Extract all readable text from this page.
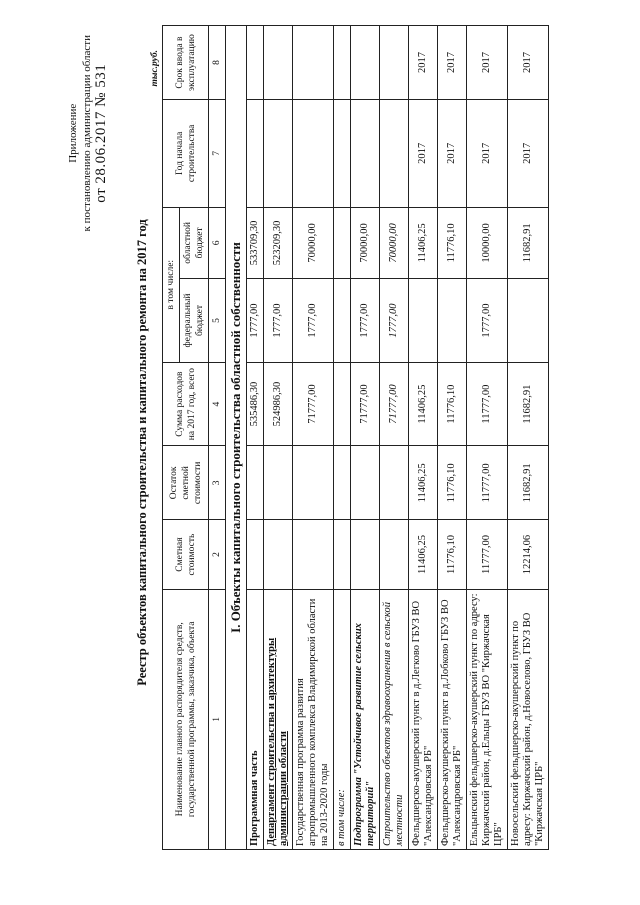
Приложение к постановлению администрации области от 28.06.2017 № 531
Реестр объектов капитального строительства и капитального ремонта на 2017 год
тыс.руб.
Наименование главного распорядителя средств, государственной программы, заказчика, объекта	Сметная стоимость	Остаток сметной стоимости	Сумма расходов на 2017 год, всего	в том числе:		Год начала строительства	Срок ввода в эксплуатацию
				федеральный бюджет	областной бюджет		
1	2	3	4	5	6	7	8
I. Объекты капитального строительства областной собственности							
Программная часть			535486,30	1777,00	533709,30		
Департамент строительства и архитектуры администрации области			524986,30	1777,00	523209,30		
Государственная программа развития агропромышленного комплекса Владимирской области на 2013-2020 годы			71777,00	1777,00	70000,00		
в том числе:							
Подпрограмма "Устойчивое развитие сельских территорий"			71777,00	1777,00	70000,00		
Строительство объектов здравоохранения в сельской местности			71777,00	1777,00	70000,00		
Фельдшерско-акушерский пункт в д.Легково ГБУЗ ВО "Александровская РБ"	11406,25	11406,25	11406,25		11406,25	2017	2017
Фельдшерско-акушерский пункт в д.Лобково ГБУЗ ВО "Александровская РБ"	11776,10	11776,10	11776,10		11776,10	2017	2017
Ельцынский фельдшерско-акушерский пункт по адресу: Киржачский район, д.Ельцы ГБУЗ ВО "Киржачская ЦРБ"	11777,00	11777,00	11777,00	1777,00	10000,00	2017	2017
Новосельский фельдшерско-акушерский пункт по адресу: Киржачский район, д.Новоселово, ГБУЗ ВО "Киржачская ЦРБ"	12214,06	11682,91	11682,91		11682,91	2017	2017
